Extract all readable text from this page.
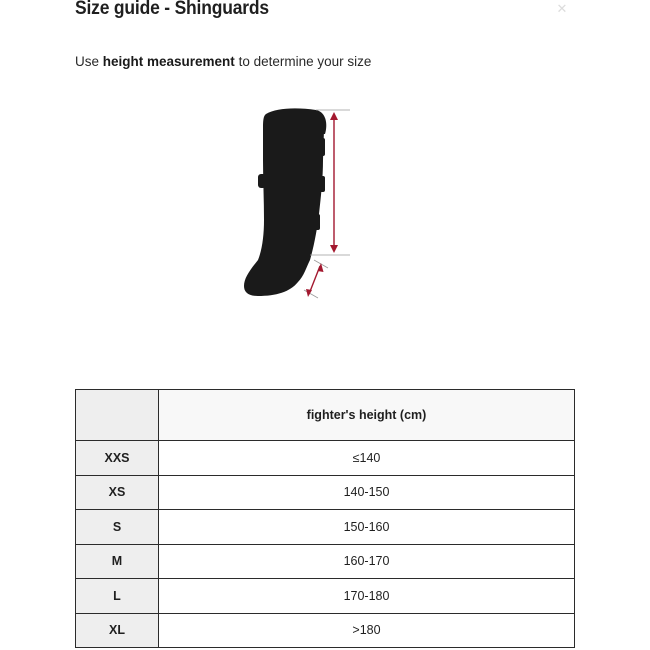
Size guide - Shinguards	✕
Use height measurement to determine your size
	fighter's height (cm)
XXS	≤140
XS	140-150
S	150-160
M	160-170
L	170-180
XL	>180
